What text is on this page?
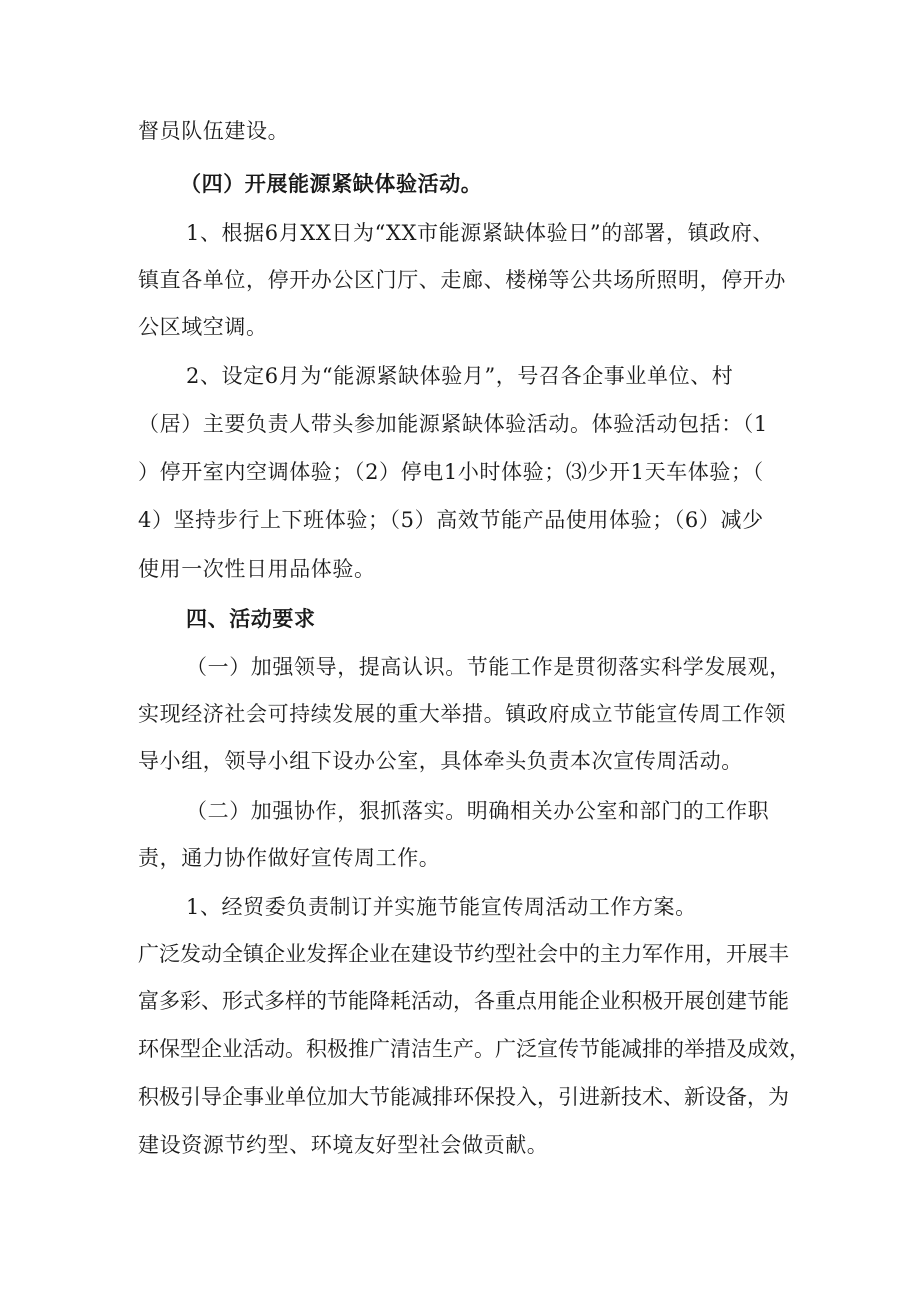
督员队伍建设。
（四）开展能源紧缺体验活动。
1、根据6月XX日为“XX市能源紧缺体验日”的部署，镇政府、
镇直各单位，停开办公区门厅、走廊、楼梯等公共场所照明，停开办
公区域空调。
2、设定6月为“能源紧缺体验月”，号召各企事业单位、村
（居）主要负责人带头参加能源紧缺体验活动。体验活动包括：（1
）停开室内空调体验；（2）停电1小时体验；⑶少开1天车体验；（
4）坚持步行上下班体验；（5）高效节能产品使用体验；（6）减少
使用一次性日用品体验。
四、活动要求
（一）加强领导，提高认识。节能工作是贯彻落实科学发展观，
实现经济社会可持续发展的重大举措。镇政府成立节能宣传周工作领
导小组，领导小组下设办公室，具体牵头负责本次宣传周活动。
（二）加强协作，狠抓落实。明确相关办公室和部门的工作职
责，通力协作做好宣传周工作。
1、经贸委负责制订并实施节能宣传周活动工作方案。
广泛发动全镇企业发挥企业在建设节约型社会中的主力军作用，开展丰
富多彩、形式多样的节能降耗活动，各重点用能企业积极开展创建节能
环保型企业活动。积极推广清洁生产。广泛宣传节能减排的举措及成效，
积极引导企事业单位加大节能减排环保投入，引进新技术、新设备，为
建设资源节约型、环境友好型社会做贡献。
